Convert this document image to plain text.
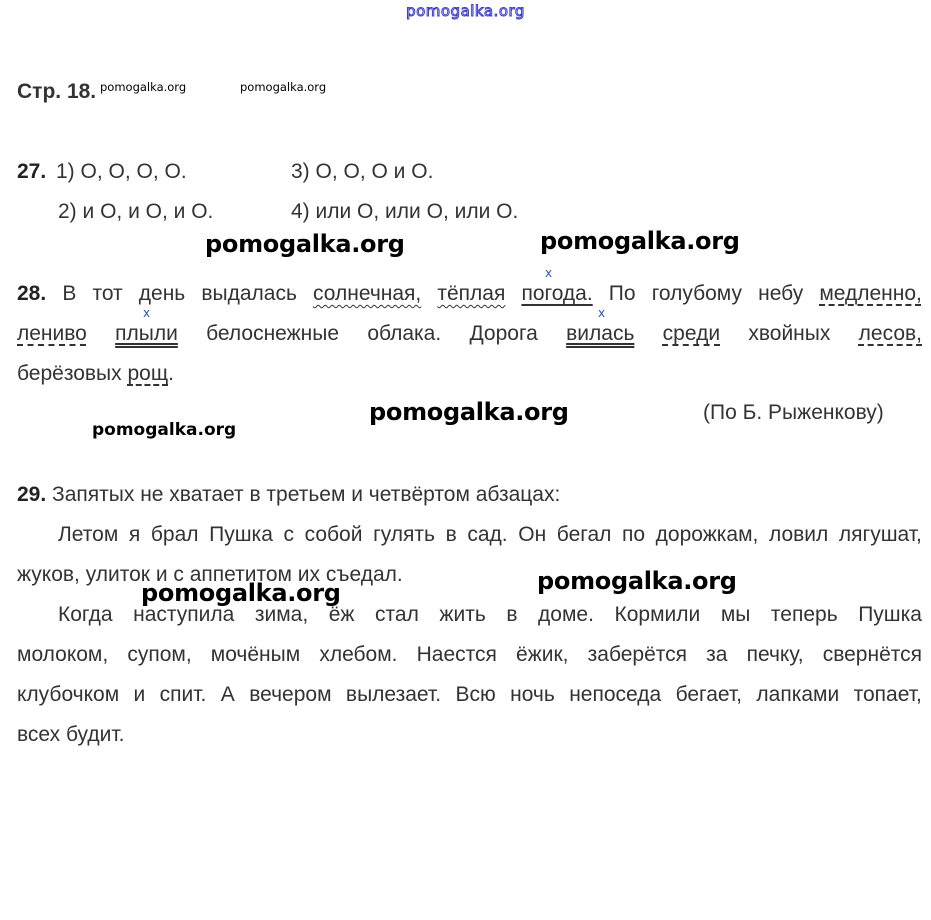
pomogalka.org
Стр. 18. pomogalka.org	pomogalka.org
27. 1) О, О, О, О.	3) О, О, О и О.
2) и О, и О, и О.	4) или О, или О, или О.
pomogalka.org	pomogalka.org
x
28. В тот день выдалась солнечная, тёплая погода. По голубому небу медленно,
x	x
лениво плыли белоснежные облака. Дорога вилась среди хвойных лесов,
берёзовых рощ.
pomogalka.org	(По Б. Рыженкову)
pomogalka.org
29. Запятых не хватает в третьем и четвёртом абзацах:
Летом я брал Пушка с собой гулять в сад. Он бегал по дорожкам, ловил лягушат,
жуков, улиток и с аппетитом их съедал.	pomogalka.org
Когда наступила зима, ёж стал жить в доме. Кормили мы теперь Пушка
pomogalka.org
молоком, супом, мочёным хлебом. Наестся ёжик, заберётся за печку, свернётся
клубочком и спит. А вечером вылезает. Всю ночь непоседа бегает, лапками топает,
всех будит.
